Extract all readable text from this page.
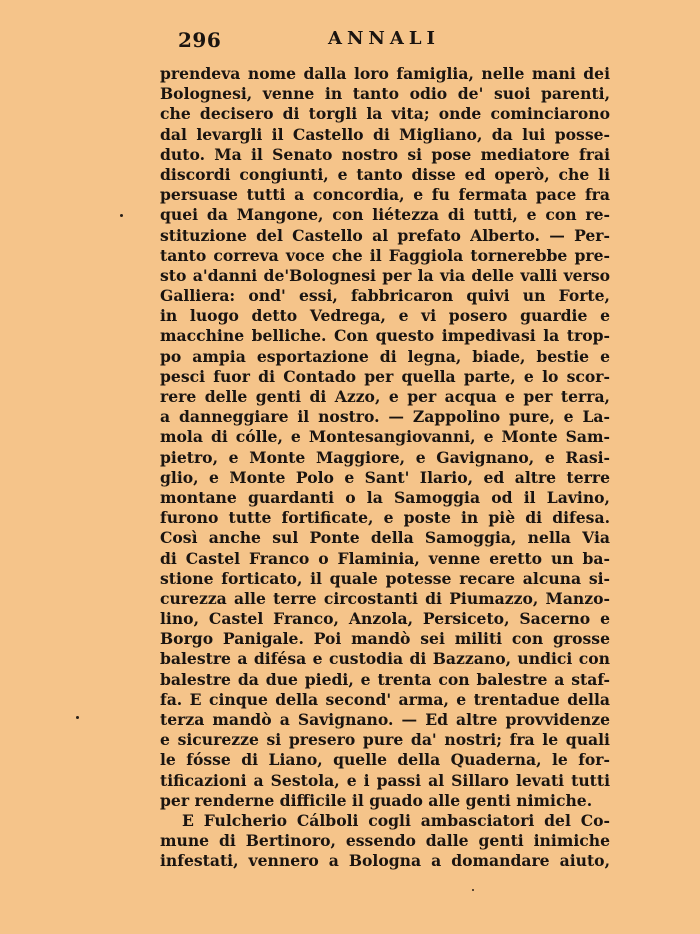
296	ANNALI
prendeva nome dalla loro famiglia, nelle mani dei
Bolognesi, venne in tanto odio de' suoi parenti,
che decisero di torgli la vita; onde cominciarono
dal levargli il Castello di Migliano, da lui posse-
duto. Ma il Senato nostro si pose mediatore frai
discordi congiunti, e tanto disse ed operò, che li
persuase tutti a concordia, e fu fermata pace fra
quei da Mangone, con liétezza di tutti, e con re-
stituzione del Castello al prefato Alberto. — Per-
tanto correva voce che il Faggiola tornerebbe pre-
sto a'danni de'Bolognesi per la via delle valli verso
Galliera: ond' essi, fabbricaron quivi un Forte,
in luogo detto Vedrega, e vi posero guardie e
macchine belliche. Con questo impedivasi la trop-
po ampia esportazione di legna, biade, bestie e
pesci fuor di Contado per quella parte, e lo scor-
rere delle genti di Azzo, e per acqua e per terra,
a danneggiare il nostro. — Zappolino pure, e La-
mola di cólle, e Montesangiovanni, e Monte Sam-
pietro, e Monte Maggiore, e Gavignano, e Rasi-
glio, e Monte Polo e Sant' Ilario, ed altre terre
montane guardanti o la Samoggia od il Lavino,
furono tutte fortificate, e poste in piè di difesa.
Così anche sul Ponte della Samoggia, nella Via
di Castel Franco o Flaminia, venne eretto un ba-
stione forticato, il quale potesse recare alcuna si-
curezza alle terre circostanti di Piumazzo, Manzo-
lino, Castel Franco, Anzola, Persiceto, Sacerno e
Borgo Panigale. Poi mandò sei militi con grosse
balestre a difésa e custodia di Bazzano, undici con
balestre da due piedi, e trenta con balestre a staf-
fa. E cinque della second' arma, e trentadue della
terza mandò a Savignano. — Ed altre provvidenze
e sicurezze si presero pure da' nostri; fra le quali
le fósse di Liano, quelle della Quaderna, le for-
tificazioni a Sestola, e i passi al Sillaro levati tutti
per renderne difficile il guado alle genti nimiche.
E Fulcherio Cálboli cogli ambasciatori del Co-
mune di Bertinoro, essendo dalle genti inimiche
infestati, vennero a Bologna a domandare aiuto,
